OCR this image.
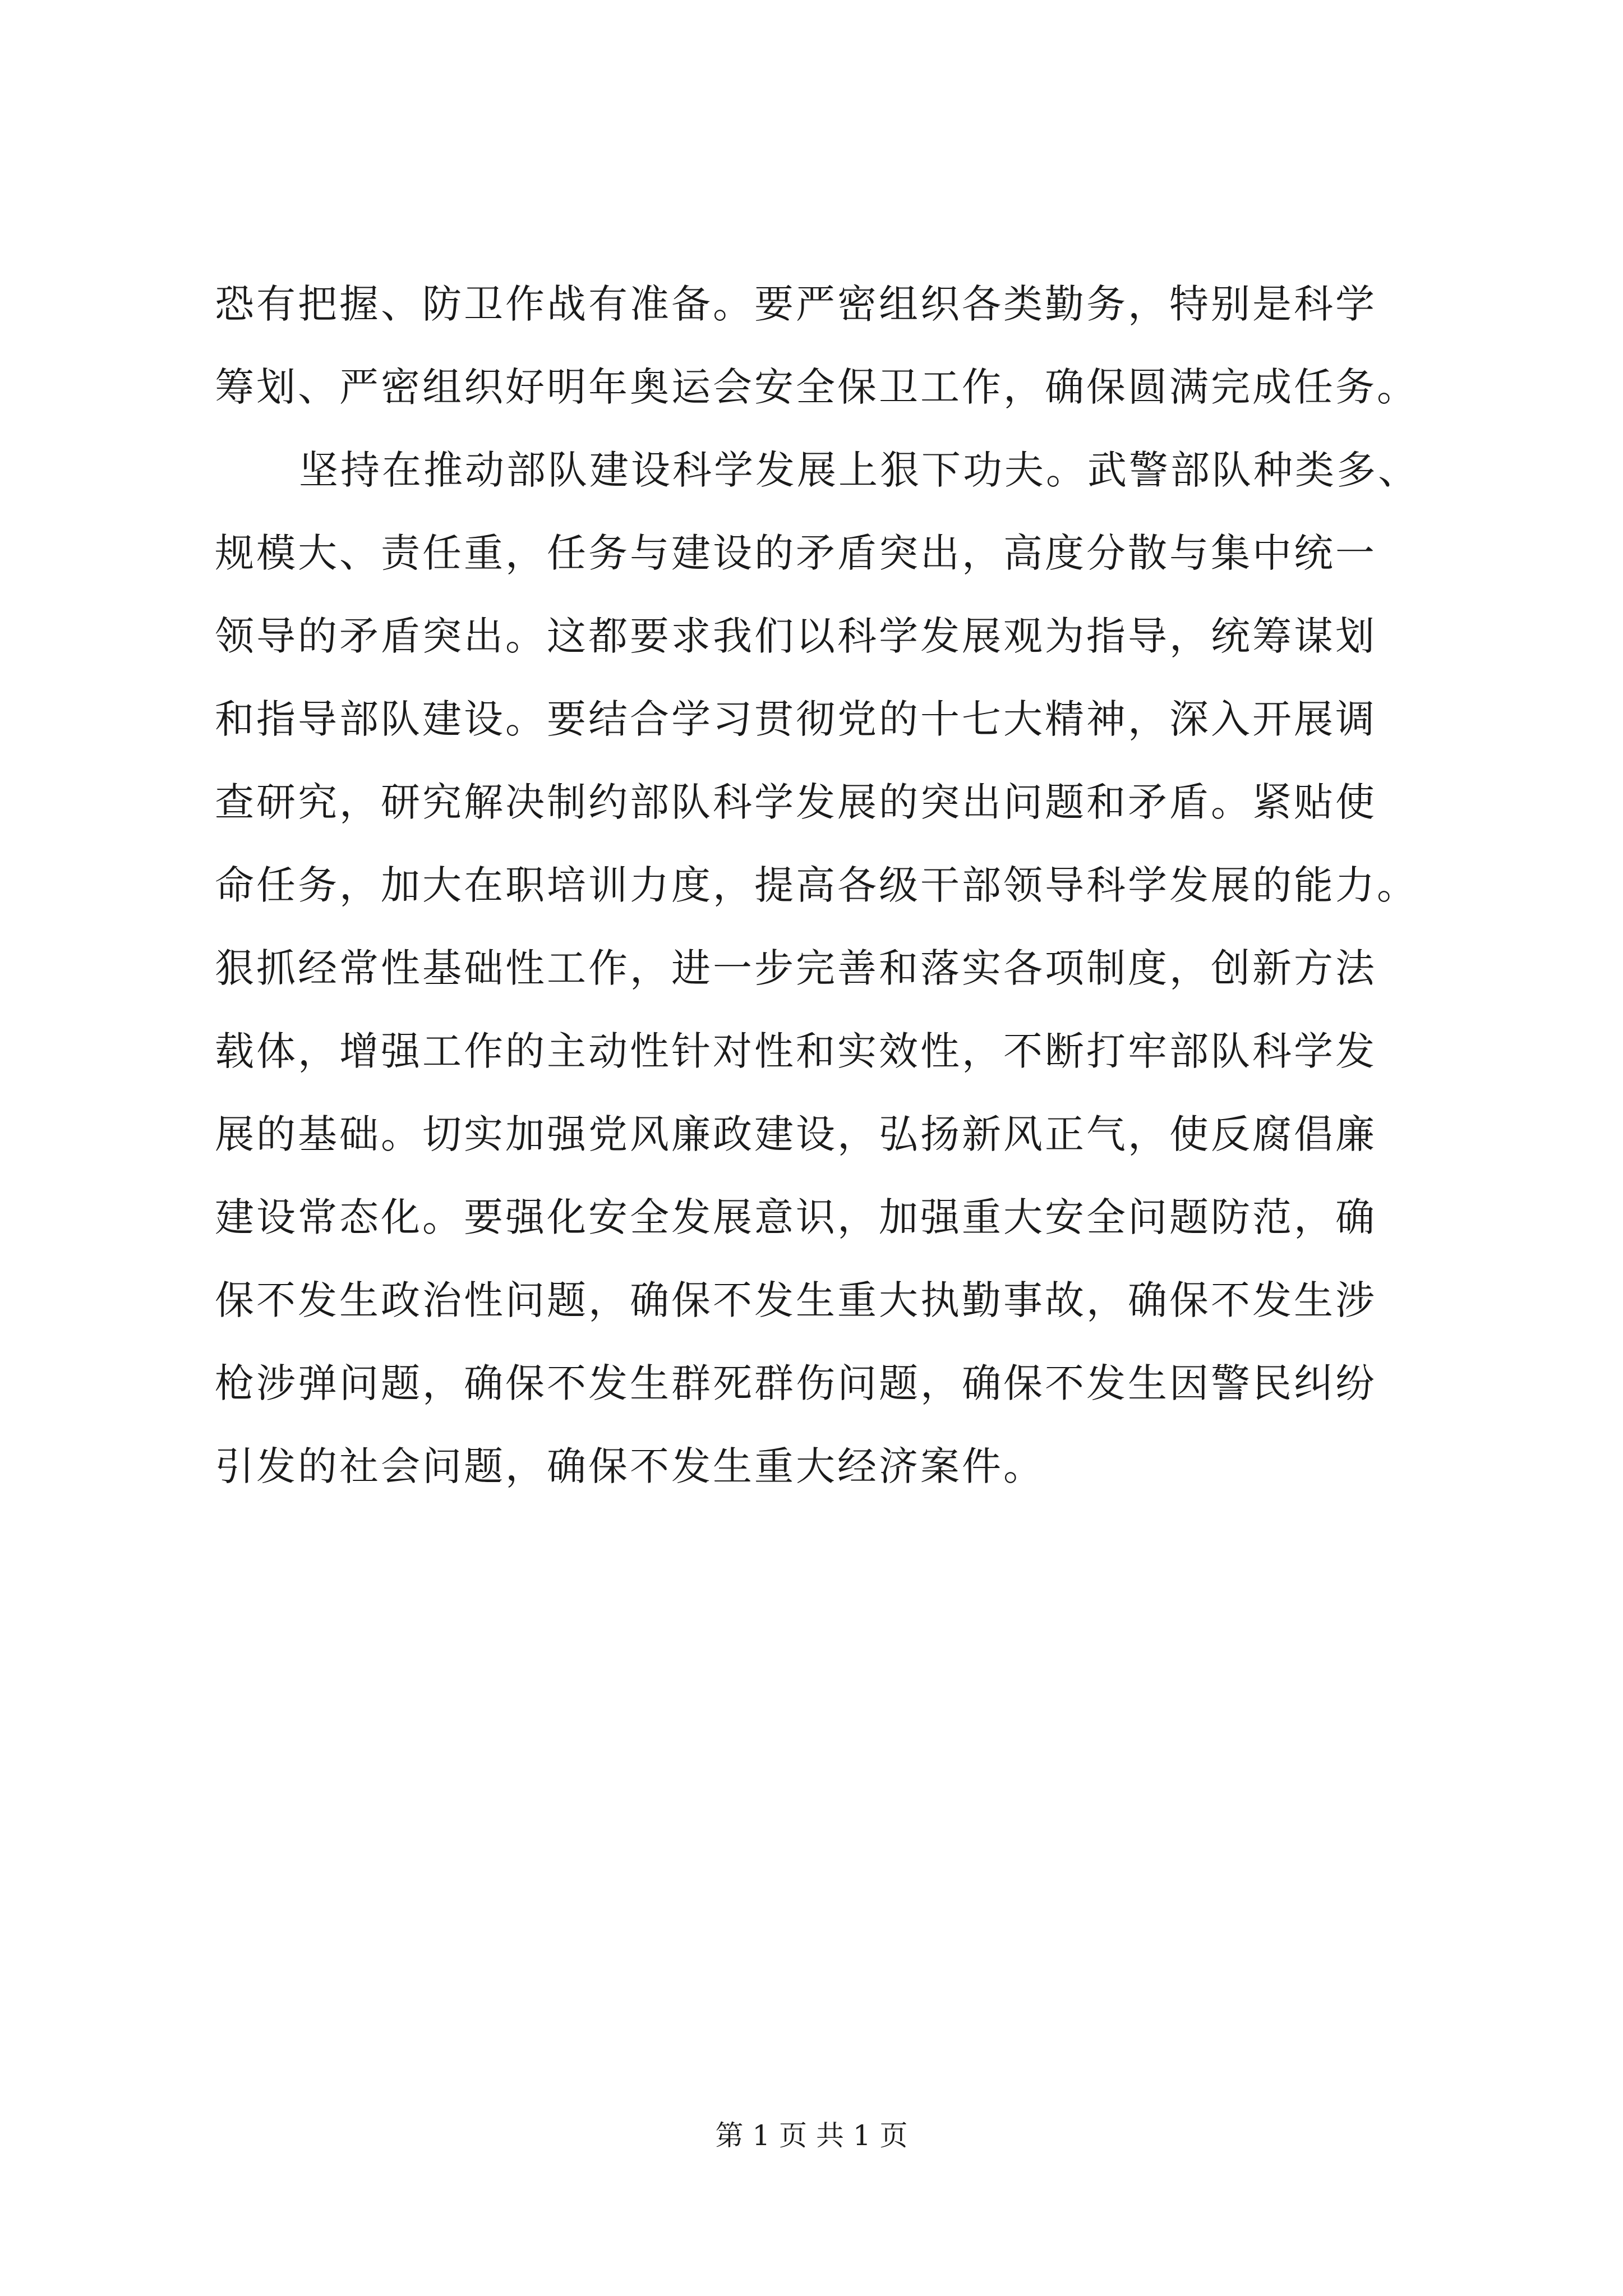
恐有把握、防卫作战有准备。要严密组织各类勤务，特别是科学
筹划、严密组织好明年奥运会安全保卫工作，确保圆满完成任务。
坚持在推动部队建设科学发展上狠下功夫。武警部队种类多、
规模大、责任重，任务与建设的矛盾突出，高度分散与集中统一
领导的矛盾突出。这都要求我们以科学发展观为指导，统筹谋划
和指导部队建设。要结合学习贯彻党的十七大精神，深入开展调
查研究，研究解决制约部队科学发展的突出问题和矛盾。紧贴使
命任务，加大在职培训力度，提高各级干部领导科学发展的能力。
狠抓经常性基础性工作，进一步完善和落实各项制度，创新方法
载体，增强工作的主动性针对性和实效性，不断打牢部队科学发
展的基础。切实加强党风廉政建设，弘扬新风正气，使反腐倡廉
建设常态化。要强化安全发展意识，加强重大安全问题防范，确
保不发生政治性问题，确保不发生重大执勤事故，确保不发生涉
枪涉弹问题，确保不发生群死群伤问题，确保不发生因警民纠纷
引发的社会问题，确保不发生重大经济案件。
第 1 页 共 1 页
